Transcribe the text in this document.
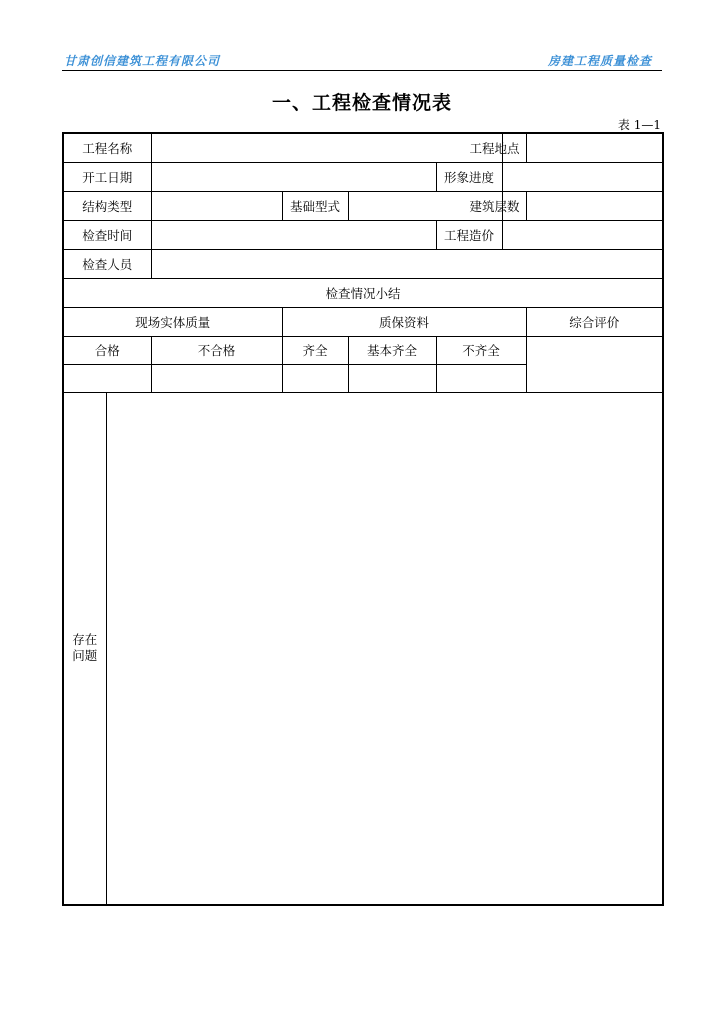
甘肃创信建筑工程有限公司	房建工程质量检查
一、工程检查情况表
表 1—1
工程名称						工程地点	
开工日期					形象进度		
结构类型			基础型式			建筑层数	
检查时间					工程造价		
检查人员							
检查情况小结							
现场实体质量			质保资料				综合评价
合格		不合格	齐全	基本齐全	不齐全		

存在
问题							
